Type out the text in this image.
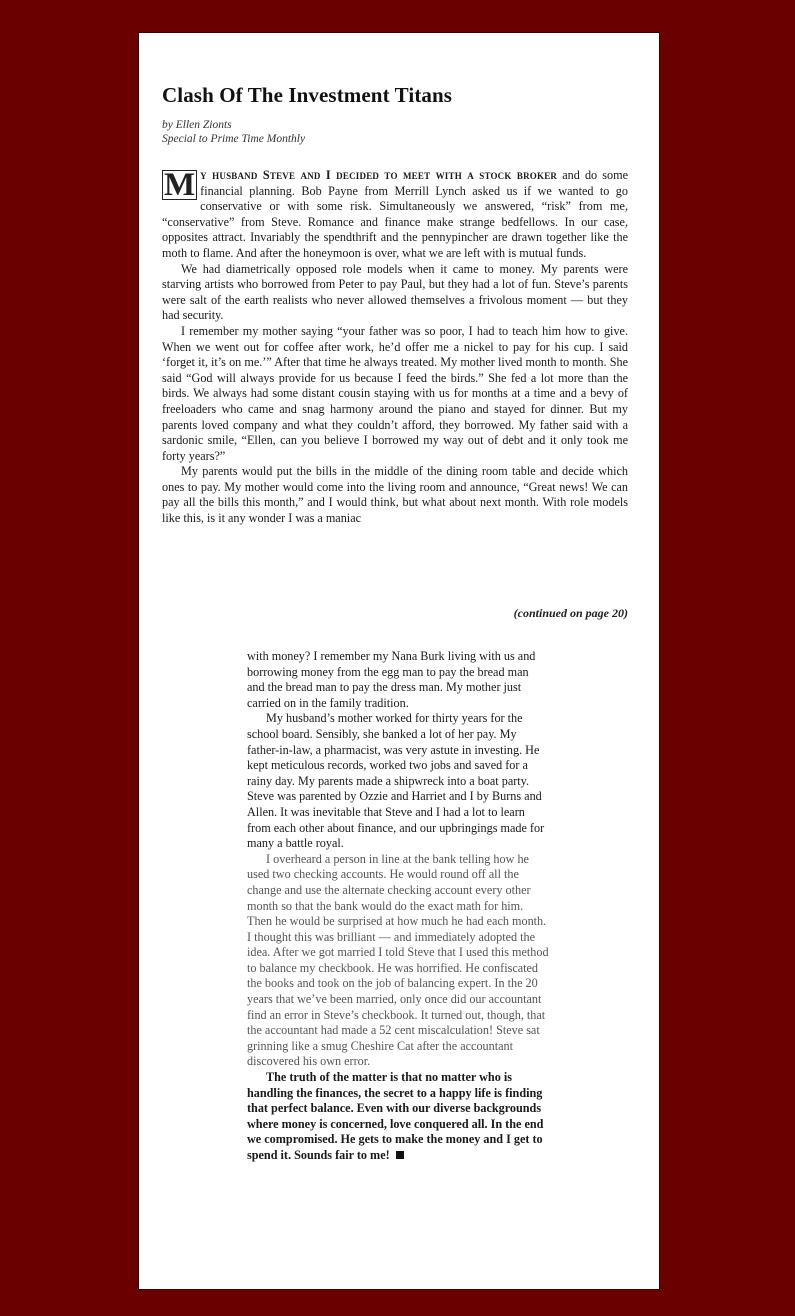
Clash Of The Investment Titans
by Ellen Zionts
Special to Prime Time Monthly

M y husband Steve and I decided to meet with a stock broker and do some financial planning. Bob Payne from Merrill Lynch asked us if we wanted to go conservative or with some risk. Simultaneously we answered, “risk” from me, “conservative” from Steve. Romance and finance make strange bedfellows. In our case, opposites attract. Invariably the spendthrift and the pennypincher are drawn together like the moth to flame. And after the honeymoon is over, what we are left with is mutual funds.

We had diametrically opposed role models when it came to money. My parents were starving artists who borrowed from Peter to pay Paul, but they had a lot of fun. Steve’s parents were salt of the earth realists who never allowed themselves a frivolous moment — but they had security.

I remember my mother saying “your father was so poor, I had to teach him how to give. When we went out for coffee after work, he’d offer me a nickel to pay for his cup. I said ‘forget it, it’s on me.’” After that time he always treated. My mother lived month to month. She said “God will always provide for us because I feed the birds.” She fed a lot more than the birds. We always had some distant cousin staying with us for months at a time and a bevy of freeloaders who came and snag harmony around the piano and stayed for dinner. But my parents loved company and what they couldn’t afford, they borrowed. My father said with a sardonic smile, “Ellen, can you believe I borrowed my way out of debt and it only took me forty years?”

My parents would put the bills in the middle of the dining room table and decide which ones to pay. My mother would come into the living room and announce, “Great news! We can pay all the bills this month,” and I would think, but what about next month. With role models like this, is it any wonder I was a maniac

(continued on page 20)

with money? I remember my Nana Burk living with us and borrowing money from the egg man to pay the bread man and the bread man to pay the dress man. My mother just carried on in the family tradition.

My husband’s mother worked for thirty years for the school board. Sensibly, she banked a lot of her pay. My father-in-law, a pharmacist, was very astute in investing. He kept meticulous records, worked two jobs and saved for a rainy day. My parents made a shipwreck into a boat party. Steve was parented by Ozzie and Harriet and I by Burns and Allen. It was inevitable that Steve and I had a lot to learn from each other about finance, and our upbringings made for many a battle royal.

I overheard a person in line at the bank telling how he used two checking accounts. He would round off all the change and use the alternate checking account every other month so that the bank would do the exact math for him. Then he would be surprised at how much he had each month. I thought this was brilliant — and immediately adopted the idea. After we got married I told Steve that I used this method to balance my checkbook. He was horrified. He confiscated the books and took on the job of balancing expert. In the 20 years that we’ve been married, only once did our accountant find an error in Steve’s checkbook. It turned out, though, that the accountant had made a 52 cent miscalculation! Steve sat grinning like a smug Cheshire Cat after the accountant discovered his own error.

The truth of the matter is that no matter who is handling the finances, the secret to a happy life is finding that perfect balance. Even with our diverse backgrounds where money is concerned, love conquered all. In the end we compromised. He gets to make the money and I get to spend it. Sounds fair to me!
